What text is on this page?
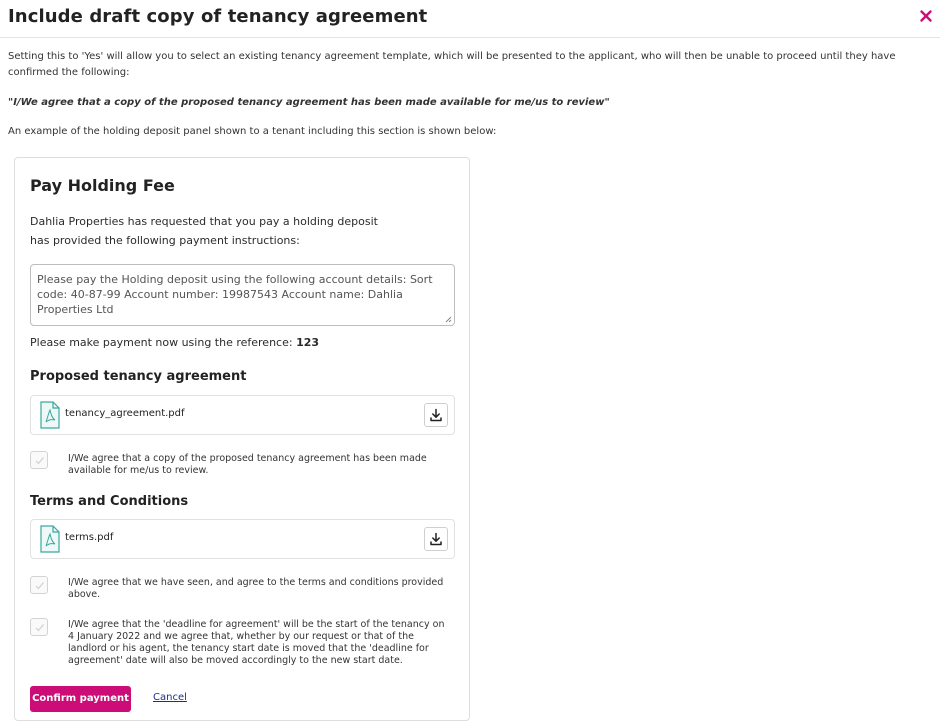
Include draft copy of tenancy agreement
Setting this to 'Yes' will allow you to select an existing tenancy agreement template, which will be presented to the applicant, who will then be unable to proceed until they have confirmed the following:
"I/We agree that a copy of the proposed tenancy agreement has been made available for me/us to review"
An example of the holding deposit panel shown to a tenant including this section is shown below:
Pay Holding Fee
Dahlia Properties has requested that you pay a holding deposit
has provided the following payment instructions:
Please pay the Holding deposit using the following account details: Sort code: 40-87-99 Account number: 19987543 Account name: Dahlia Properties Ltd
Please make payment now using the reference: 123
Proposed tenancy agreement
tenancy_agreement.pdf
I/We agree that a copy of the proposed tenancy agreement has been made available for me/us to review.
Terms and Conditions
terms.pdf
I/We agree that we have seen, and agree to the terms and conditions provided above.
I/We agree that the 'deadline for agreement' will be the start of the tenancy on 4 January 2022 and we agree that, whether by our request or that of the landlord or his agent, the tenancy start date is moved that the 'deadline for agreement' date will also be moved accordingly to the new start date.
Confirm payment Cancel
